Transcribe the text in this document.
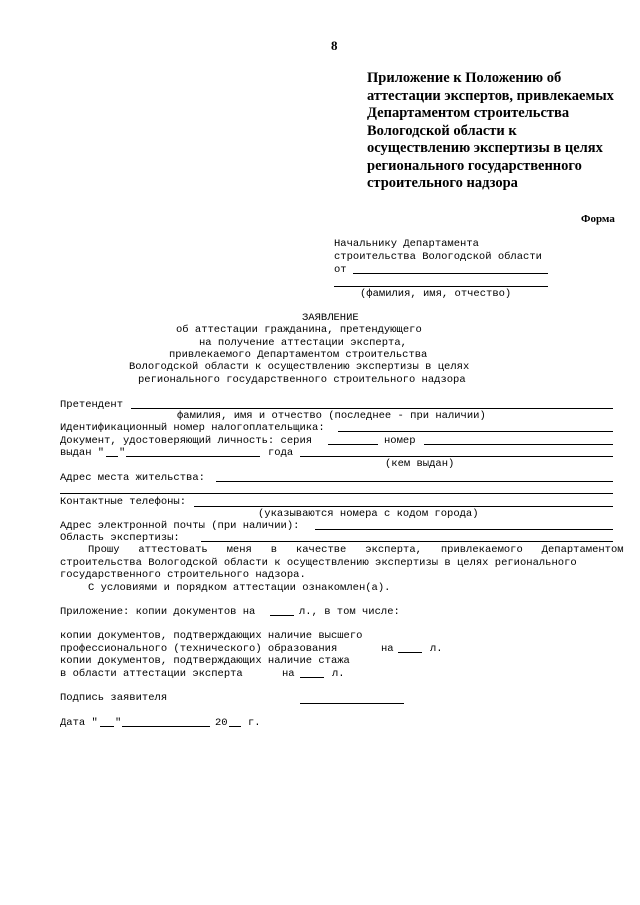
8
Приложение к Положению об
аттестации экспертов, привлекаемых
Департаментом строительства
Вологодской области к
осуществлению экспертизы в целях
регионального государственного
строительного надзора
Форма
Начальнику Департамента
строительства Вологодской области
от
(фамилия, имя, отчество)
ЗАЯВЛЕНИЕ
об аттестации гражданина, претендующего
на получение аттестации эксперта,
привлекаемого Департаментом строительства
Вологодской области к осуществлению экспертизы в целях
регионального государственного строительного надзора
Претендент
фамилия, имя и отчество (последнее - при наличии)
Идентификационный номер налогоплательщика:
Документ, удостоверяющий личность: серия	номер
выдан " "	года
(кем выдан)
Адрес места жительства:
Контактные телефоны:
(указываются номера с кодом города)
Адрес электронной почты (при наличии):
Область экспертизы:
Прошу   аттестовать   меня   в   качестве   эксперта,   привлекаемого   Департаментом
строительства Вологодской области к осуществлению экспертизы в целях регионального
государственного строительного надзора.
С условиями и порядком аттестации ознакомлен(а).
Приложение: копии документов на	л., в том числе:
копии документов, подтверждающих наличие высшего
профессионального (технического) образования	на	л.
копии документов, подтверждающих наличие стажа
в области аттестации эксперта	на	л.
Подпись заявителя
Дата " "	20 г.
